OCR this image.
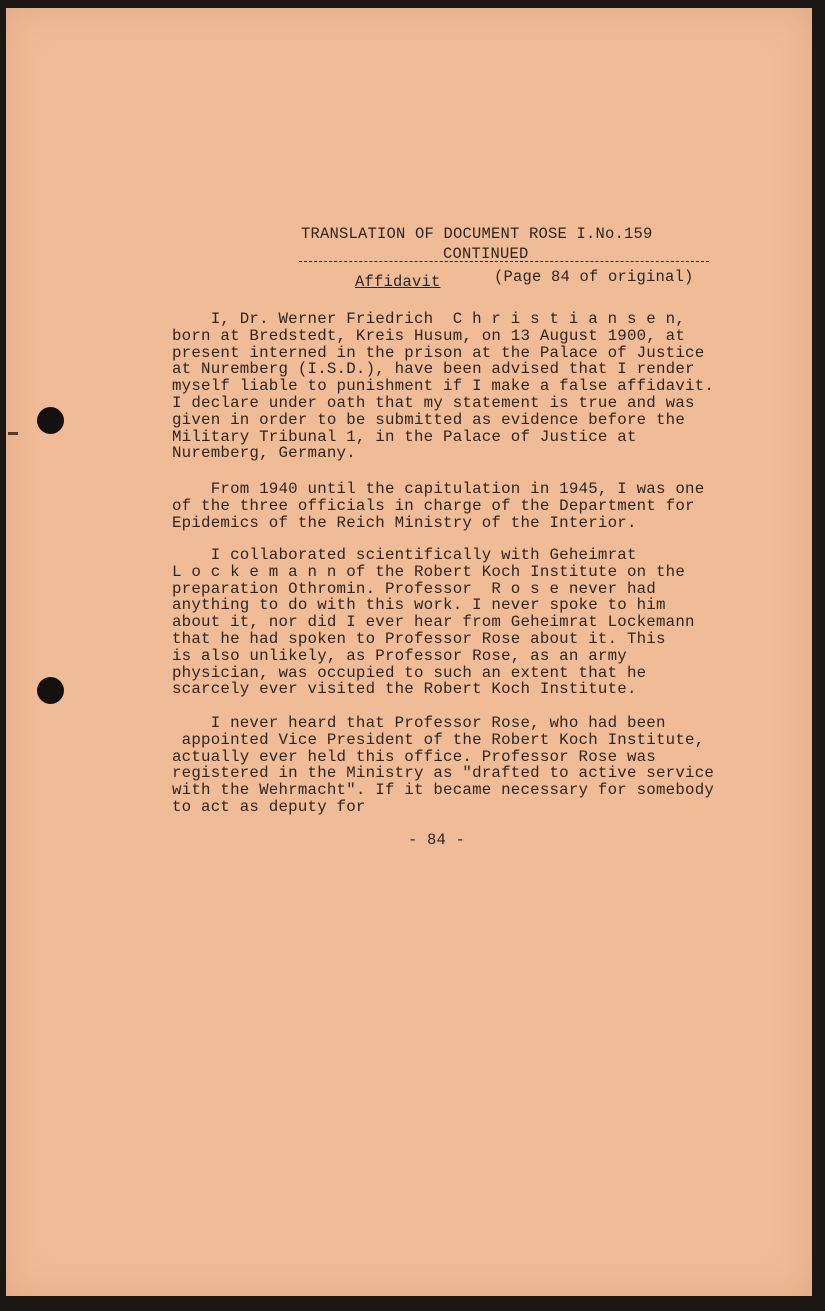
TRANSLATION OF DOCUMENT ROSE I.No.159
CONTINUED
Affidavit	(Page 84 of original)
I, Dr. Werner Friedrich  C h r i s t i a n s e n,
born at Bredstedt, Kreis Husum, on 13 August 1900, at
present interned in the prison at the Palace of Justice
at Nuremberg (I.S.D.), have been advised that I render
myself liable to punishment if I make a false affidavit.
I declare under oath that my statement is true and was
given in order to be submitted as evidence before the
Military Tribunal 1, in the Palace of Justice at
Nuremberg, Germany.
From 1940 until the capitulation in 1945, I was one
of the three officials in charge of the Department for
Epidemics of the Reich Ministry of the Interior.
I collaborated scientifically with Geheimrat
L o c k e m a n n of the Robert Koch Institute on the
preparation Othromin. Professor  R o s e never had
anything to do with this work. I never spoke to him
about it, nor did I ever hear from Geheimrat Lockemann
that he had spoken to Professor Rose about it. This
is also unlikely, as Professor Rose, as an army
physician, was occupied to such an extent that he
scarcely ever visited the Robert Koch Institute.
I never heard that Professor Rose, who had been
appointed Vice President of the Robert Koch Institute,
actually ever held this office. Professor Rose was
registered in the Ministry as "drafted to active service
with the Wehrmacht". If it became necessary for somebody
to act as deputy for
- 84 -
